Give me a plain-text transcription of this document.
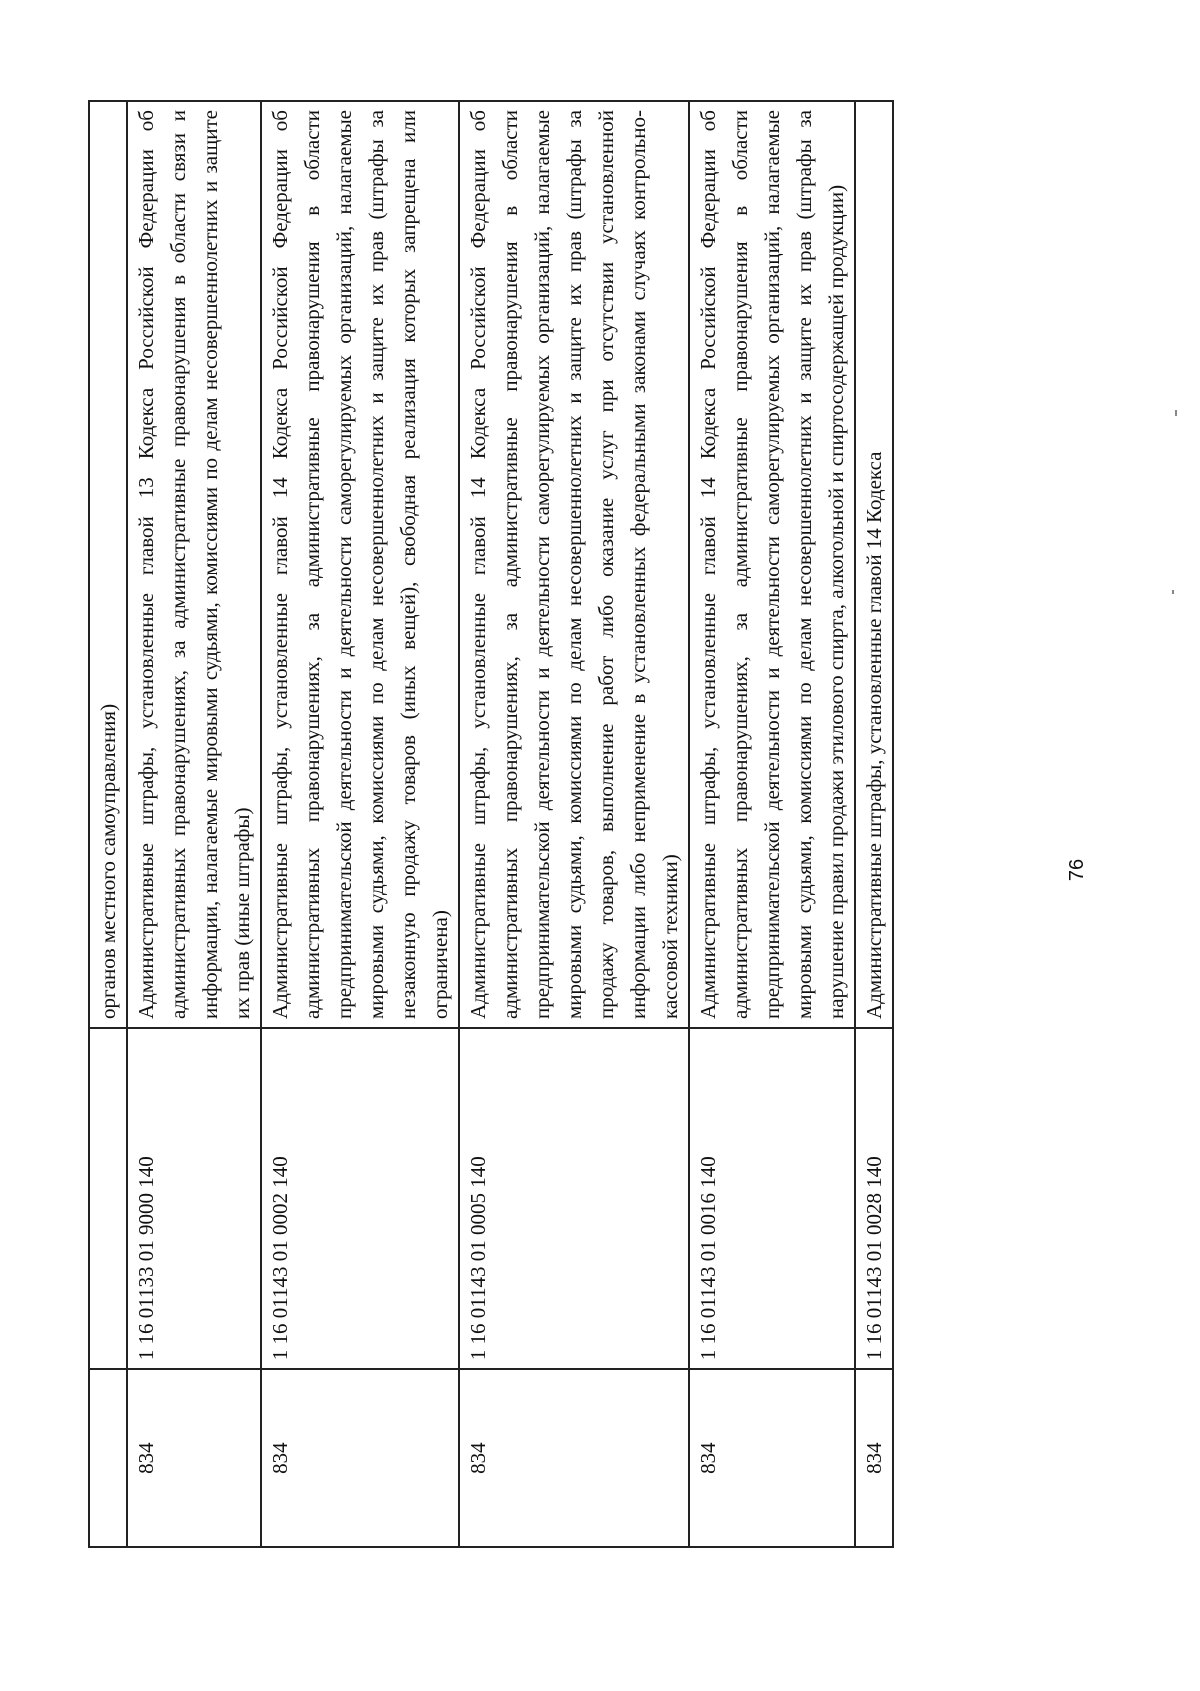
		органов местного самоуправления)
834	1 16 01133 01 9000 140	Административные штрафы, установленные главой 13 Кодекса Российской Федерации об административных правонарушениях, за административные правонарушения в области связи и информации, налагаемые мировыми судьями, комиссиями по делам несовершеннолетних и защите их прав (иные штрафы)
834	1 16 01143 01 0002 140	Административные штрафы, установленные главой 14 Кодекса Российской Федерации об административных правонарушениях, за административные правонарушения в области предпринимательской деятельности и деятельности саморегулируемых организаций, налагаемые мировыми судьями, комиссиями по делам несовершеннолетних и защите их прав (штрафы за незаконную продажу товаров (иных вещей), свободная реализация которых запрещена или ограничена)
834	1 16 01143 01 0005 140	Административные штрафы, установленные главой 14 Кодекса Российской Федерации об административных правонарушениях, за административные правонарушения в области предпринимательской деятельности и деятельности саморегулируемых организаций, налагаемые мировыми судьями, комиссиями по делам несовершеннолетних и защите их прав (штрафы за продажу товаров, выполнение работ либо оказание услуг при отсутствии установленной информации либо неприменение в установленных федеральными законами случаях контрольно-кассовой техники)
834	1 16 01143 01 0016 140	Административные штрафы, установленные главой 14 Кодекса Российской Федерации об административных правонарушениях, за административные правонарушения в области предпринимательской деятельности и деятельности саморегулируемых организаций, налагаемые мировыми судьями, комиссиями по делам несовершеннолетних и защите их прав (штрафы за нарушение правил продажи этилового спирта, алкогольной и спиртосодержащей продукции)
834	1 16 01143 01 0028 140	Административные штрафы, установленные главой 14 Кодекса	76
